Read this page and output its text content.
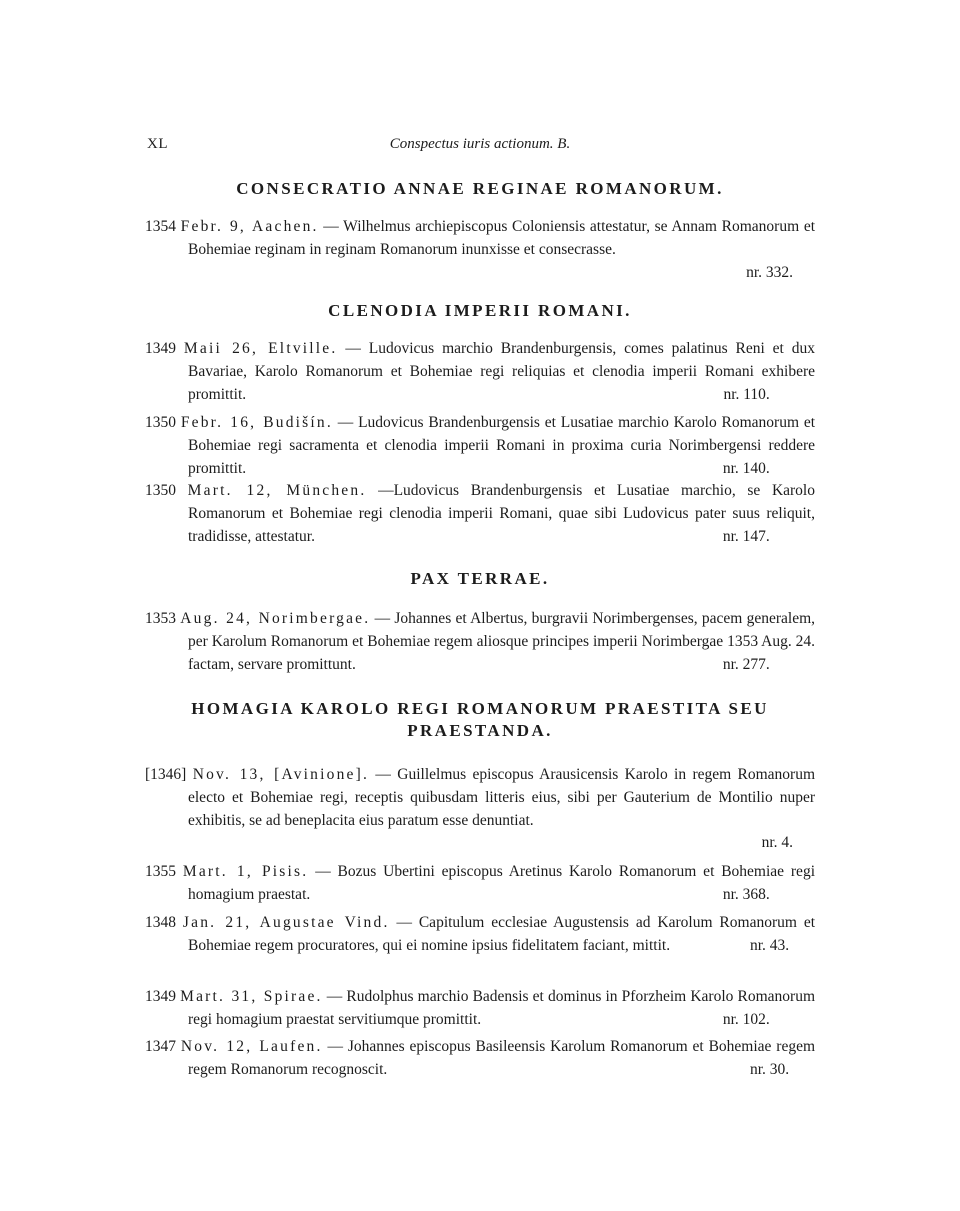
XL	Conspectus iuris actionum. B.
CONSECRATIO ANNAE REGINAE ROMANORUM.

1354 Febr. 9, Aachen. — Wilhelmus archiepiscopus Coloniensis attestatur, se Annam Romanorum et Bohemiae reginam in reginam Romanorum inunxisse et consecrasse.

nr. 332.
CLENODIA IMPERII ROMANI.

1349 Maii 26, Eltville. — Ludovicus marchio Brandenburgensis, comes palatinus Reni et dux Bavariae, Karolo Romanorum et Bohemiae regi reliquias et clenodia imperii Romani exhibere promittit.	nr. 110.

1350 Febr. 16, Budišín. — Ludovicus Brandenburgensis et Lusatiae marchio Karolo Romanorum et Bohemiae regi sacramenta et clenodia imperii Romani in proxima curia Norimbergensi reddere promittit.	nr. 140.

1350 Mart. 12, München. —Ludovicus Brandenburgensis et Lusatiae marchio, se Karolo Romanorum et Bohemiae regi clenodia imperii Romani, quae sibi Ludovicus pater suus reliquit, tradidisse, attestatur.	nr. 147.

PAX TERRAE.

1353 Aug. 24, Norimbergae. — Johannes et Albertus, burgravii Norimbergenses, pacem generalem, per Karolum Romanorum et Bohemiae regem aliosque principes imperii Norimbergae 1353 Aug. 24. factam, servare promittunt.	nr. 277.

HOMAGIA KAROLO REGI ROMANORUM PRAESTITA SEU
PRAESTANDA.

[1346] Nov. 13, [Avinione]. — Guillelmus episcopus Arausicensis Karolo in regem Romanorum electo et Bohemiae regi, receptis quibusdam litteris eius, sibi per Gauterium de Montilio nuper exhibitis, se ad beneplacita eius paratum esse denuntiat.

nr. 4.

1355 Mart. 1, Pisis. — Bozus Ubertini episcopus Aretinus Karolo Romanorum et Bohemiae regi homagium praestat.	nr. 368.

1348 Jan. 21, Augustae Vind. — Capitulum ecclesiae Augustensis ad Karolum Romanorum et Bohemiae regem procuratores, qui ei nomine ipsius fidelitatem faciant, mittit.	nr. 43.

1349 Mart. 31, Spirae. — Rudolphus marchio Badensis et dominus in Pforzheim Karolo Romanorum regi homagium praestat servitiumque promittit.	nr. 102.

1347 Nov. 12, Laufen. — Johannes episcopus Basileensis Karolum Romanorum et Bohemiae regem regem Romanorum recognoscit.	nr. 30.
